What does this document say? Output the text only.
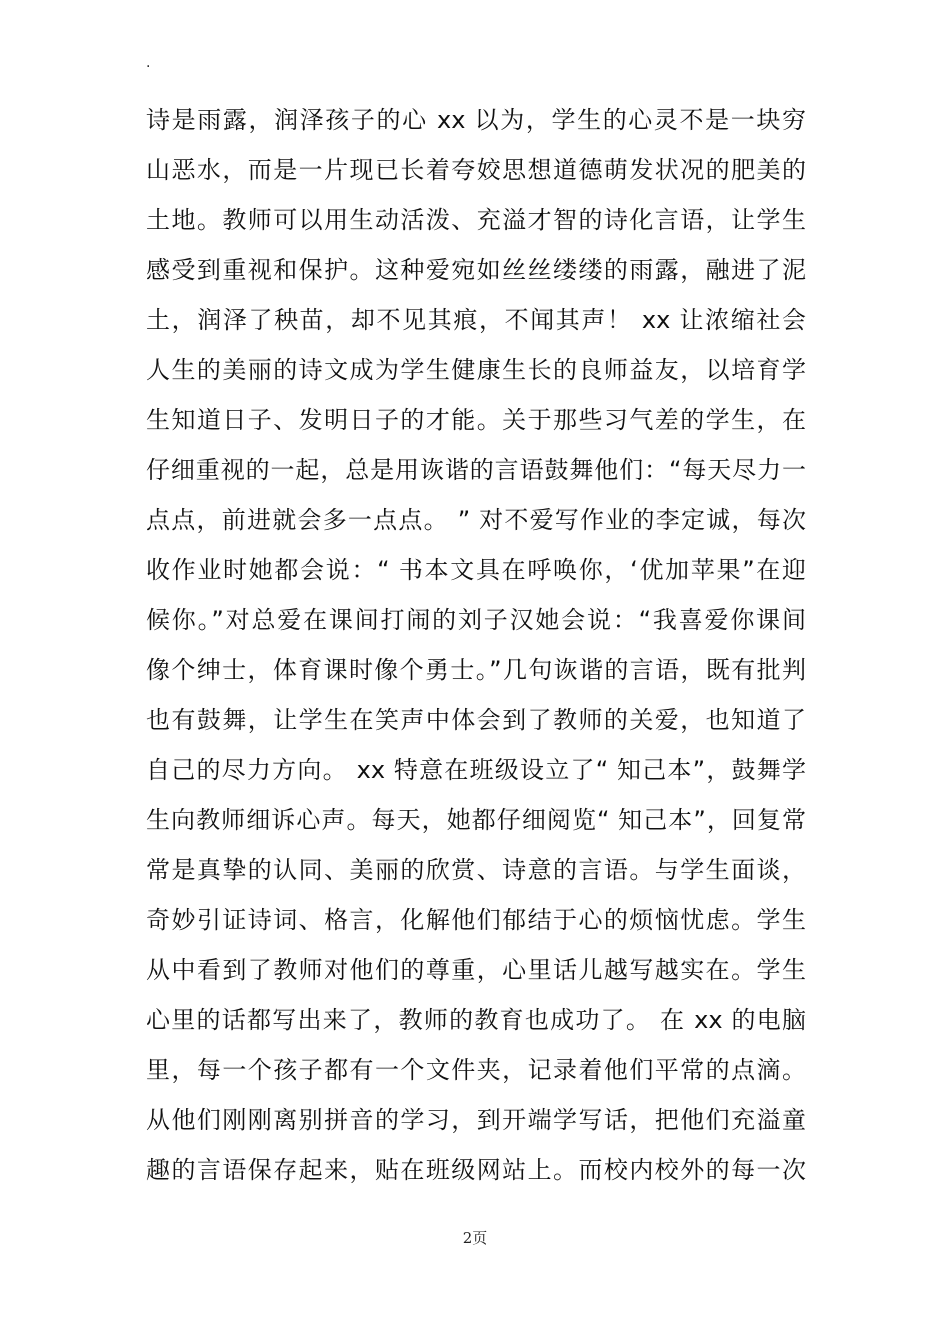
.
诗是雨露，润泽孩子的心 xx 以为，学生的心灵不是一块穷
山恶水，而是一片现已长着夸姣思想道德萌发状况的肥美的
土地。教师可以用生动活泼、充溢才智的诗化言语，让学生
感受到重视和保护。这种爱宛如丝丝缕缕的雨露，融进了泥
土，润泽了秧苗，却不见其痕，不闻其声！ xx 让浓缩社会
人生的美丽的诗文成为学生健康生长的良师益友，以培育学
生知道日子、发明日子的才能。关于那些习气差的学生，在
仔细重视的一起，总是用诙谐的言语鼓舞他们：“每天尽力一
点点，前进就会多一点点。 ” 对不爱写作业的李定诚，每次
收作业时她都会说：“ 书本文具在呼唤你，‘优加苹果”在迎
候你。”对总爱在课间打闹的刘子汉她会说：“我喜爱你课间
像个绅士，体育课时像个勇士。”几句诙谐的言语，既有批判
也有鼓舞，让学生在笑声中体会到了教师的关爱，也知道了
自己的尽力方向。 xx 特意在班级设立了“ 知己本”，鼓舞学
生向教师细诉心声。每天，她都仔细阅览“ 知己本”，回复常
常是真挚的认同、美丽的欣赏、诗意的言语。与学生面谈，
奇妙引证诗词、格言，化解他们郁结于心的烦恼忧虑。学生
从中看到了教师对他们的尊重，心里话儿越写越实在。学生
心里的话都写出来了，教师的教育也成功了。 在 xx 的电脑
里，每一个孩子都有一个文件夹，记录着他们平常的点滴。
从他们刚刚离别拼音的学习，到开端学写话，把他们充溢童
趣的言语保存起来，贴在班级网站上。而校内校外的每一次
2页
